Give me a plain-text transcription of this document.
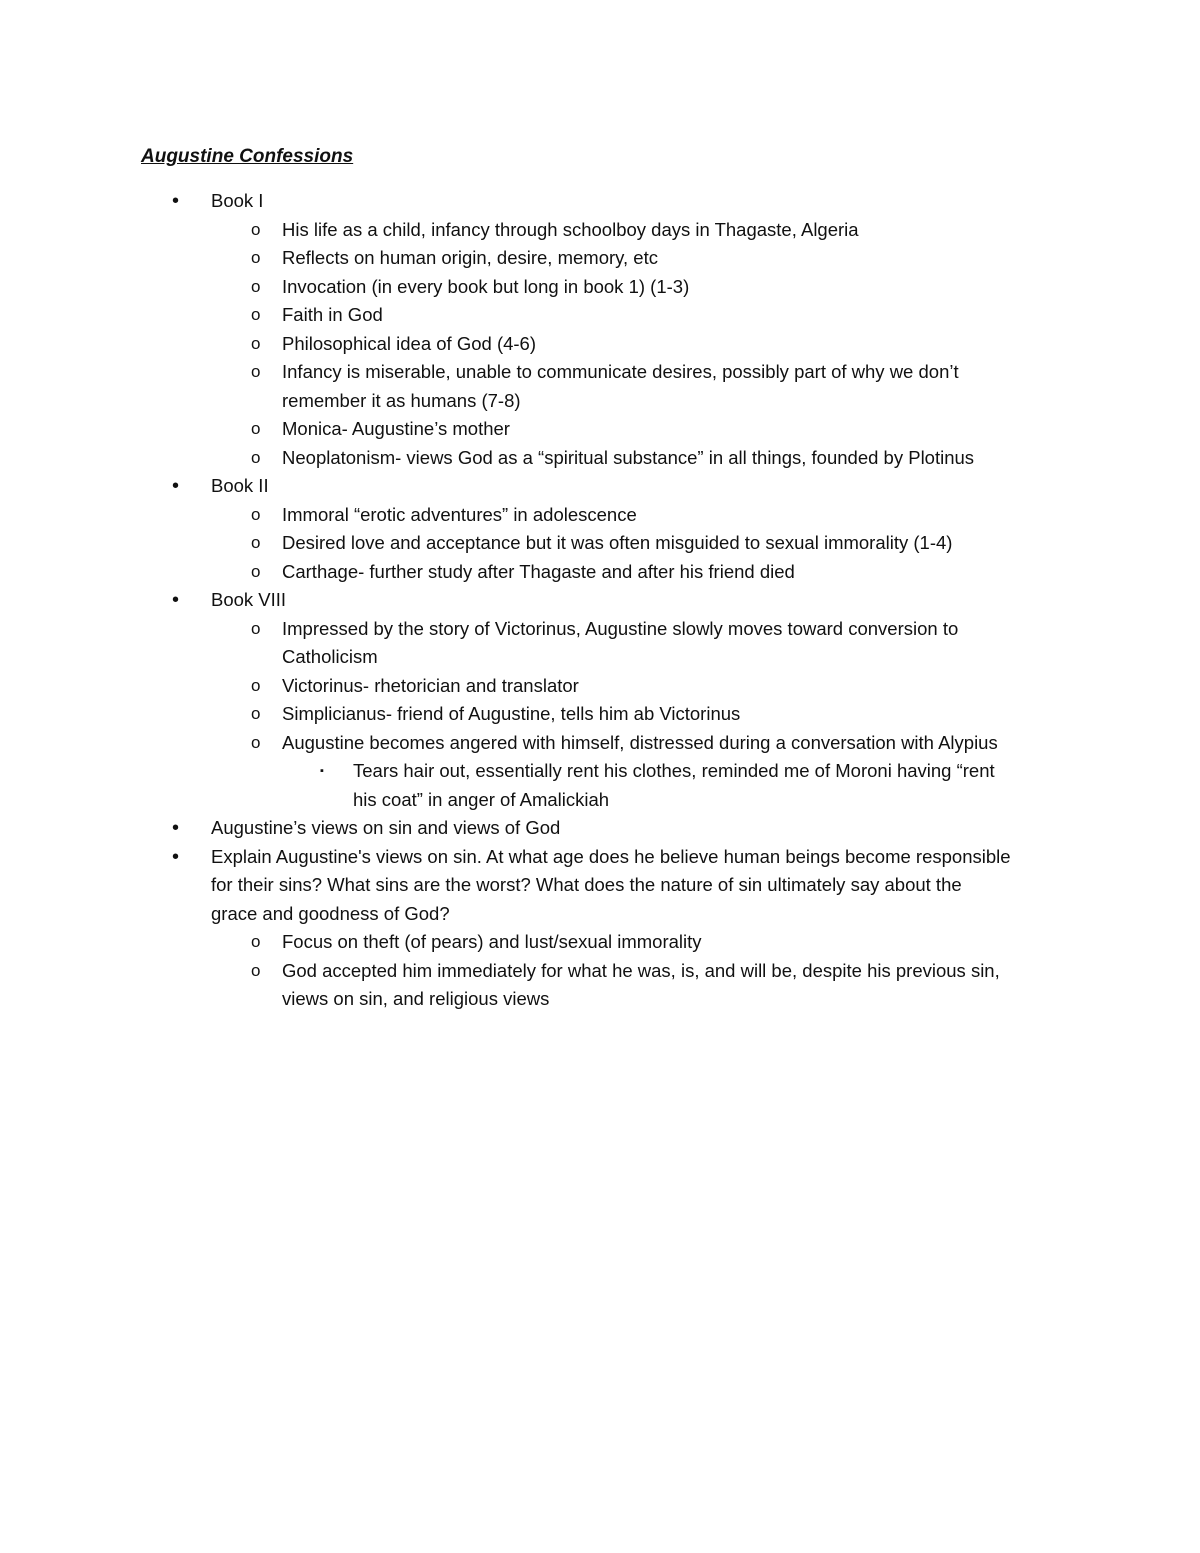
Augustine Confessions
• Book I
o His life as a child, infancy through schoolboy days in Thagaste, Algeria
o Reflects on human origin, desire, memory, etc
o Invocation (in every book but long in book 1) (1-3)
o Faith in God
o Philosophical idea of God (4-6)
o Infancy is miserable, unable to communicate desires, possibly part of why we don’t
remember it as humans (7-8)
o Monica- Augustine’s mother
o Neoplatonism- views God as a “spiritual substance” in all things, founded by Plotinus
• Book II
o Immoral “erotic adventures” in adolescence
o Desired love and acceptance but it was often misguided to sexual immorality (1-4)
o Carthage- further study after Thagaste and after his friend died
• Book VIII
o Impressed by the story of Victorinus, Augustine slowly moves toward conversion to
Catholicism
o Victorinus- rhetorician and translator
o Simplicianus- friend of Augustine, tells him ab Victorinus
o Augustine becomes angered with himself, distressed during a conversation with Alypius
▪ Tears hair out, essentially rent his clothes, reminded me of Moroni having “rent
his coat” in anger of Amalickiah
• Augustine’s views on sin and views of God
• Explain Augustine's views on sin. At what age does he believe human beings become responsible
for their sins? What sins are the worst? What does the nature of sin ultimately say about the
grace and goodness of God?
o Focus on theft (of pears) and lust/sexual immorality
o God accepted him immediately for what he was, is, and will be, despite his previous sin,
views on sin, and religious views
